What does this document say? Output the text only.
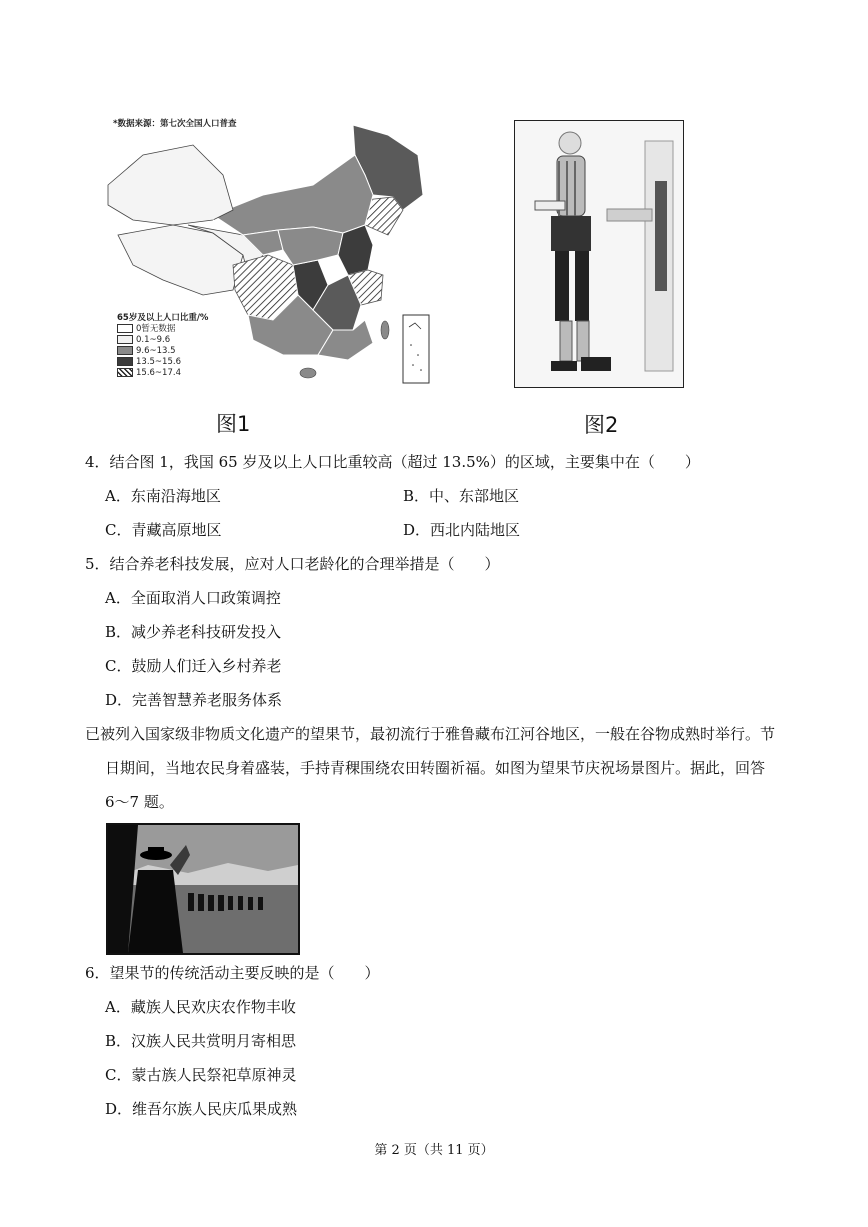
*数据来源：第七次全国人口普查
65岁及以上人口比重/%
0暂无数据
0.1~9.6
9.6~13.5
13.5~15.6
15.6~17.4
图1	图2
4．结合图 1，我国 65 岁及以上人口比重较高（超过 13.5%）的区域，主要集中在（　　）
A．东南沿海地区	B．中、东部地区
C．青藏高原地区	D．西北内陆地区
5．结合养老科技发展，应对人口老龄化的合理举措是（　　）
A．全面取消人口政策调控
B．减少养老科技研发投入
C．鼓励人们迁入乡村养老
D．完善智慧养老服务体系
已被列入国家级非物质文化遗产的望果节，最初流行于雅鲁藏布江河谷地区，一般在谷物成熟时举行。节
日期间，当地农民身着盛装，手持青稞围绕农田转圈祈福。如图为望果节庆祝场景图片。据此，回答
6～7 题。
6．望果节的传统活动主要反映的是（　　）
A．藏族人民欢庆农作物丰收
B．汉族人民共赏明月寄相思
C．蒙古族人民祭祀草原神灵
D．维吾尔族人民庆瓜果成熟
第 2 页（共 11 页）
